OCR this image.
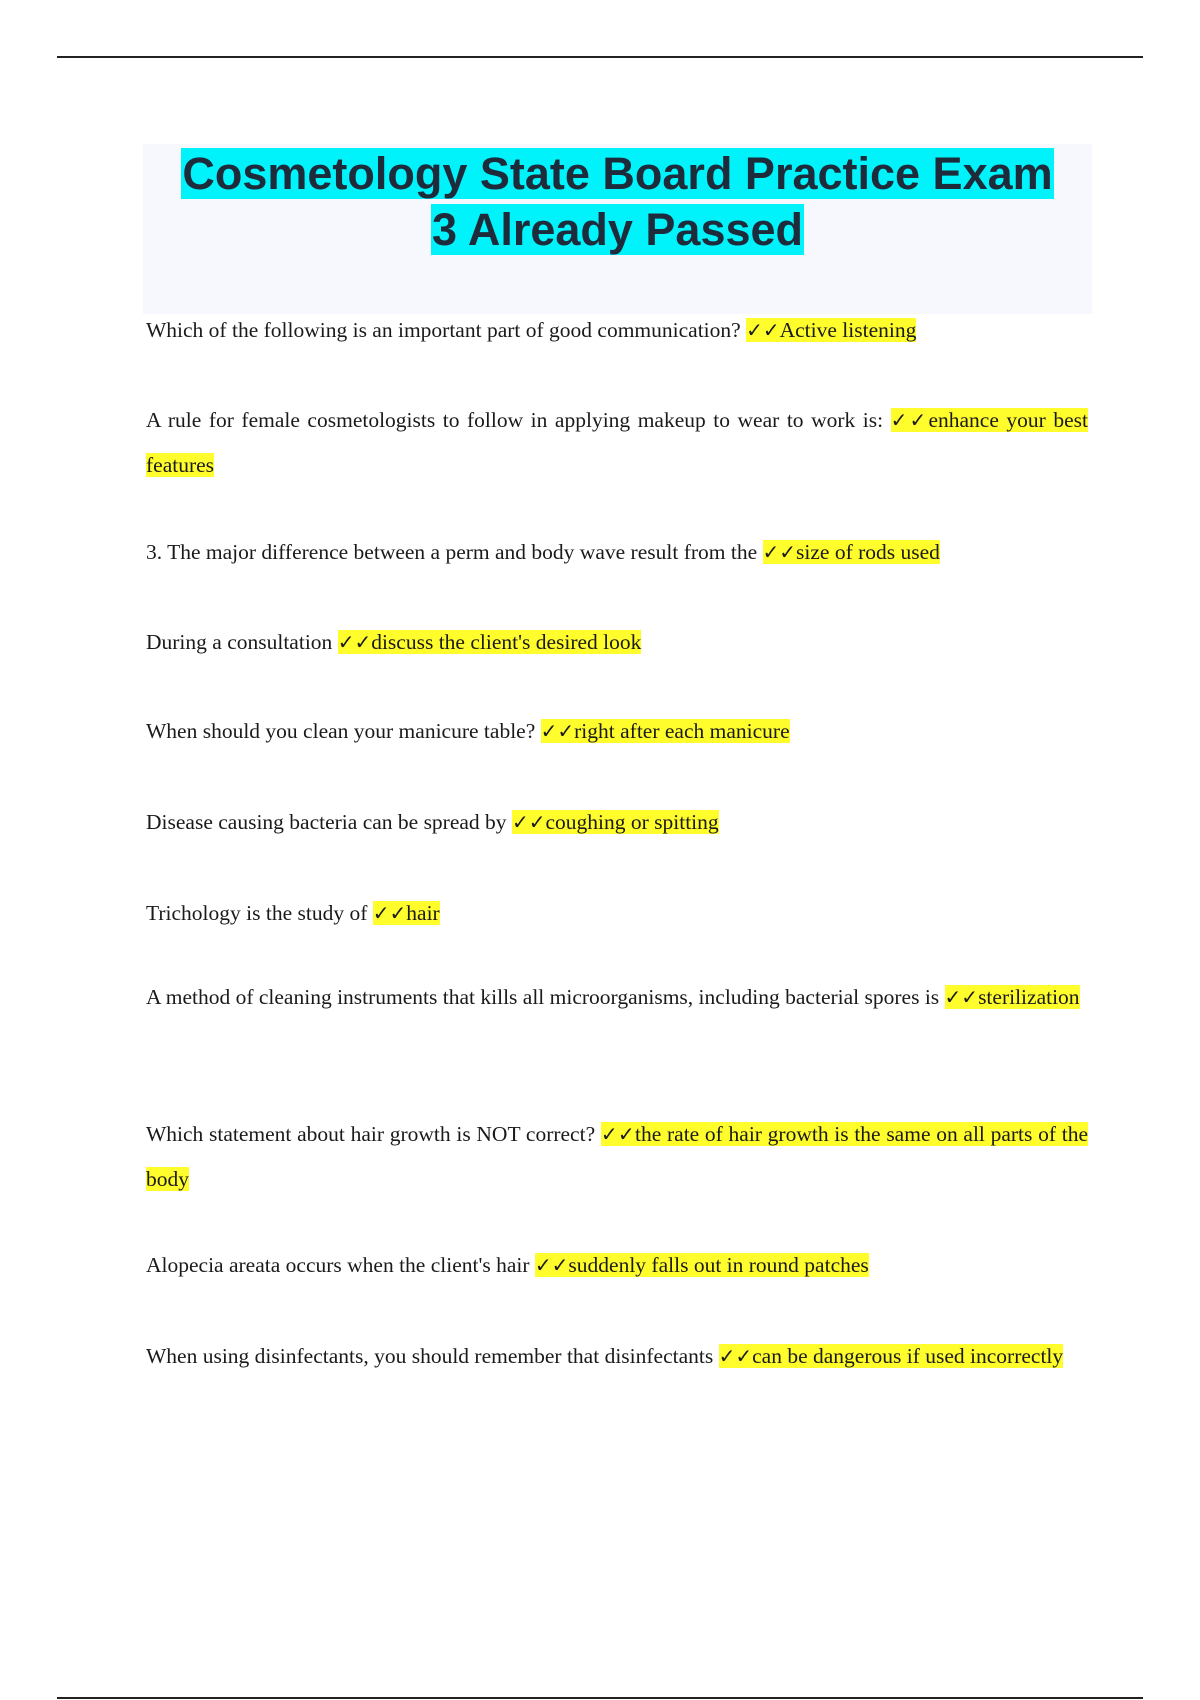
Cosmetology State Board Practice Exam
3 Already Passed
Which of the following is an important part of good communication? ✓✓Active listening
A rule for female cosmetologists to follow in applying makeup to wear to work is: ✓✓enhance your best features
3. The major difference between a perm and body wave result from the ✓✓size of rods used
During a consultation ✓✓discuss the client's desired look
When should you clean your manicure table? ✓✓right after each manicure
Disease causing bacteria can be spread by ✓✓coughing or spitting
Trichology is the study of ✓✓hair
A method of cleaning instruments that kills all microorganisms, including bacterial spores is ✓✓sterilization
Which statement about hair growth is NOT correct? ✓✓the rate of hair growth is the same on all parts of the body
Alopecia areata occurs when the client's hair ✓✓suddenly falls out in round patches
When using disinfectants, you should remember that disinfectants ✓✓can be dangerous if used incorrectly
